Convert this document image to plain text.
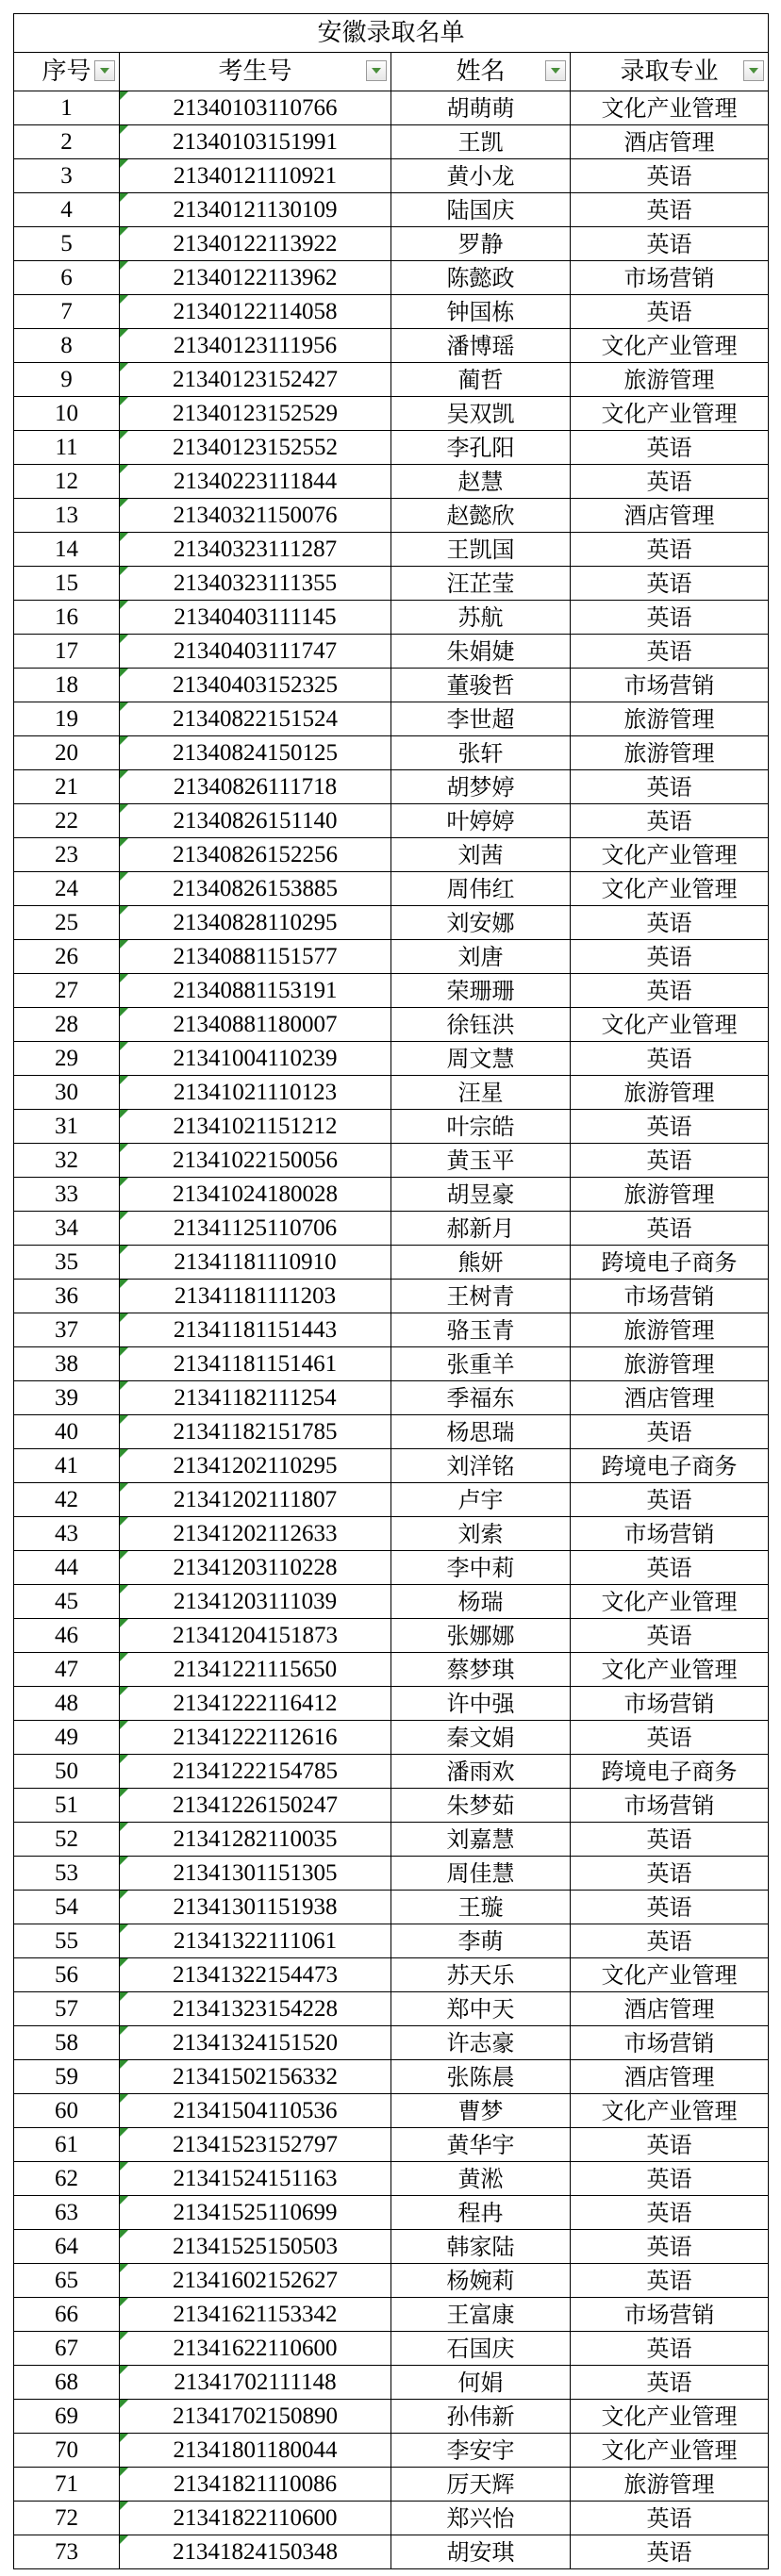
安徽录取名单			
序号	考生号	姓名	录取专业

1	21340103110766	胡萌萌	文化产业管理
2	21340103151991	王凯	酒店管理
3	21340121110921	黄小龙	英语
4	21340121130109	陆国庆	英语
5	21340122113922	罗静	英语
6	21340122113962	陈懿政	市场营销
7	21340122114058	钟国栋	英语
8	21340123111956	潘博瑶	文化产业管理
9	21340123152427	蔺哲	旅游管理
10	21340123152529	吴双凯	文化产业管理
11	21340123152552	李孔阳	英语
12	21340223111844	赵慧	英语
13	21340321150076	赵懿欣	酒店管理
14	21340323111287	王凯国	英语
15	21340323111355	汪芷莹	英语
16	21340403111145	苏航	英语
17	21340403111747	朱娟婕	英语
18	21340403152325	董骏哲	市场营销
19	21340822151524	李世超	旅游管理
20	21340824150125	张轩	旅游管理
21	21340826111718	胡梦婷	英语
22	21340826151140	叶婷婷	英语
23	21340826152256	刘茜	文化产业管理
24	21340826153885	周伟红	文化产业管理
25	21340828110295	刘安娜	英语
26	21340881151577	刘唐	英语
27	21340881153191	荣珊珊	英语
28	21340881180007	徐钰洪	文化产业管理
29	21341004110239	周文慧	英语
30	21341021110123	汪星	旅游管理
31	21341021151212	叶宗皓	英语
32	21341022150056	黄玉平	英语
33	21341024180028	胡昱豪	旅游管理
34	21341125110706	郝新月	英语
35	21341181110910	熊妍	跨境电子商务
36	21341181111203	王树青	市场营销
37	21341181151443	骆玉青	旅游管理
38	21341181151461	张重羊	旅游管理
39	21341182111254	季福东	酒店管理
40	21341182151785	杨思瑞	英语
41	21341202110295	刘洋铭	跨境电子商务
42	21341202111807	卢宇	英语
43	21341202112633	刘索	市场营销
44	21341203110228	李中莉	英语
45	21341203111039	杨瑞	文化产业管理
46	21341204151873	张娜娜	英语
47	21341221115650	蔡梦琪	文化产业管理
48	21341222116412	许中强	市场营销
49	21341222112616	秦文娟	英语
50	21341222154785	潘雨欢	跨境电子商务
51	21341226150247	朱梦茹	市场营销
52	21341282110035	刘嘉慧	英语
53	21341301151305	周佳慧	英语
54	21341301151938	王璇	英语
55	21341322111061	李萌	英语
56	21341322154473	苏天乐	文化产业管理
57	21341323154228	郑中天	酒店管理
58	21341324151520	许志豪	市场营销
59	21341502156332	张陈晨	酒店管理
60	21341504110536	曹梦	文化产业管理
61	21341523152797	黄华宇	英语
62	21341524151163	黄淞	英语
63	21341525110699	程冉	英语
64	21341525150503	韩家陆	英语
65	21341602152627	杨婉莉	英语
66	21341621153342	王富康	市场营销
67	21341622110600	石国庆	英语
68	21341702111148	何娟	英语
69	21341702150890	孙伟新	文化产业管理
70	21341801180044	李安宇	文化产业管理
71	21341821110086	厉天辉	旅游管理
72	21341822110600	郑兴怡	英语
73	21341824150348	胡安琪	英语
